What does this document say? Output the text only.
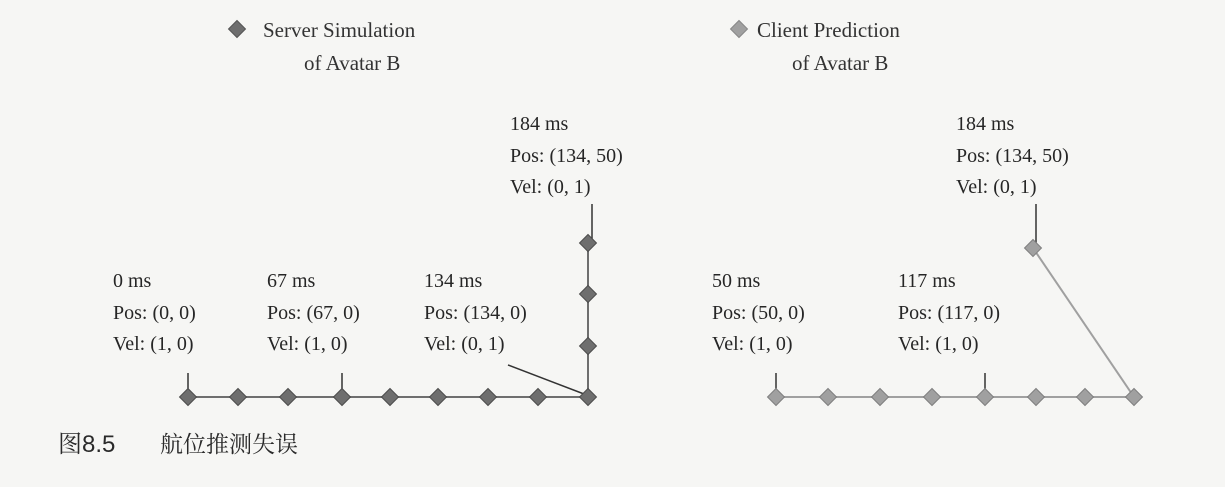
Server Simulation
of Avatar B
Client Prediction
of Avatar B
0 ms
Pos: (0, 0)
Vel: (1, 0)
67 ms
Pos: (67, 0)
Vel: (1, 0)
134 ms
Pos: (134, 0)
Vel: (0, 1)
184 ms
Pos: (134, 50)
Vel: (0, 1)
50 ms
Pos: (50, 0)
Vel: (1, 0)
117 ms
Pos: (117, 0)
Vel: (1, 0)
184 ms
Pos: (134, 50)
Vel: (0, 1)
图8.5 航位推测失误
